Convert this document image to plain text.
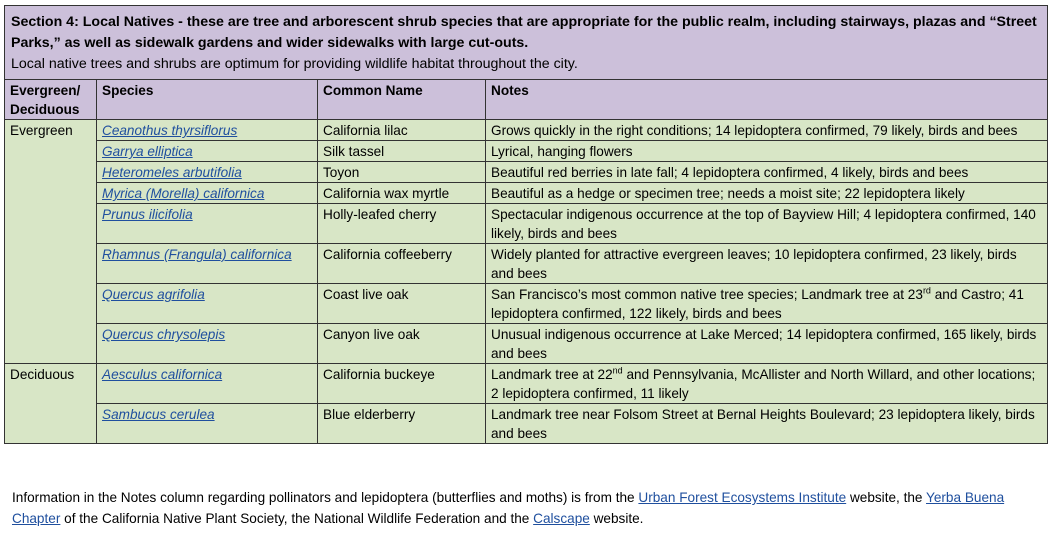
Section 4: Local Natives - these are tree and arborescent shrub species that are appropriate for the public realm, including stairways, plazas and “Street Parks,” as well as sidewalk gardens and wider sidewalks with large cut-outs.
Local native trees and shrubs are optimum for providing wildlife habitat throughout the city.			

Evergreen/ Deciduous	Species	Common Name	Notes
Evergreen	Ceanothus thyrsiflorus	California lilac	Grows quickly in the right conditions; 14 lepidoptera confirmed, 79 likely, birds and bees
	Garrya elliptica	Silk tassel	Lyrical, hanging flowers
	Heteromeles arbutifolia	Toyon	Beautiful red berries in late fall; 4 lepidoptera confirmed, 4 likely, birds and bees
	Myrica (Morella) californica	California wax myrtle	Beautiful as a hedge or specimen tree; needs a moist site; 22 lepidoptera likely
	Prunus ilicifolia	Holly-leafed cherry	Spectacular indigenous occurrence at the top of Bayview Hill; 4 lepidoptera confirmed, 140 likely, birds and bees
	Rhamnus (Frangula) californica	California coffeeberry	Widely planted for attractive evergreen leaves; 10 lepidoptera confirmed, 23 likely, birds and bees
	Quercus agrifolia	Coast live oak	San Francisco’s most common native tree species; Landmark tree at 23rd and Castro; 41 lepidoptera confirmed, 122 likely, birds and bees
	Quercus chrysolepis	Canyon live oak	Unusual indigenous occurrence at Lake Merced; 14 lepidoptera confirmed, 165 likely, birds and bees
Deciduous	Aesculus californica	California buckeye	Landmark tree at 22nd and Pennsylvania, McAllister and North Willard, and other locations; 2 lepidoptera confirmed, 11 likely
	Sambucus cerulea	Blue elderberry	Landmark tree near Folsom Street at Bernal Heights Boulevard; 23 lepidoptera likely, birds and bees
Information in the Notes column regarding pollinators and lepidoptera (butterflies and moths) is from the Urban Forest Ecosystems Institute website, the Yerba Buena Chapter of the California Native Plant Society, the National Wildlife Federation and the Calscape website.
